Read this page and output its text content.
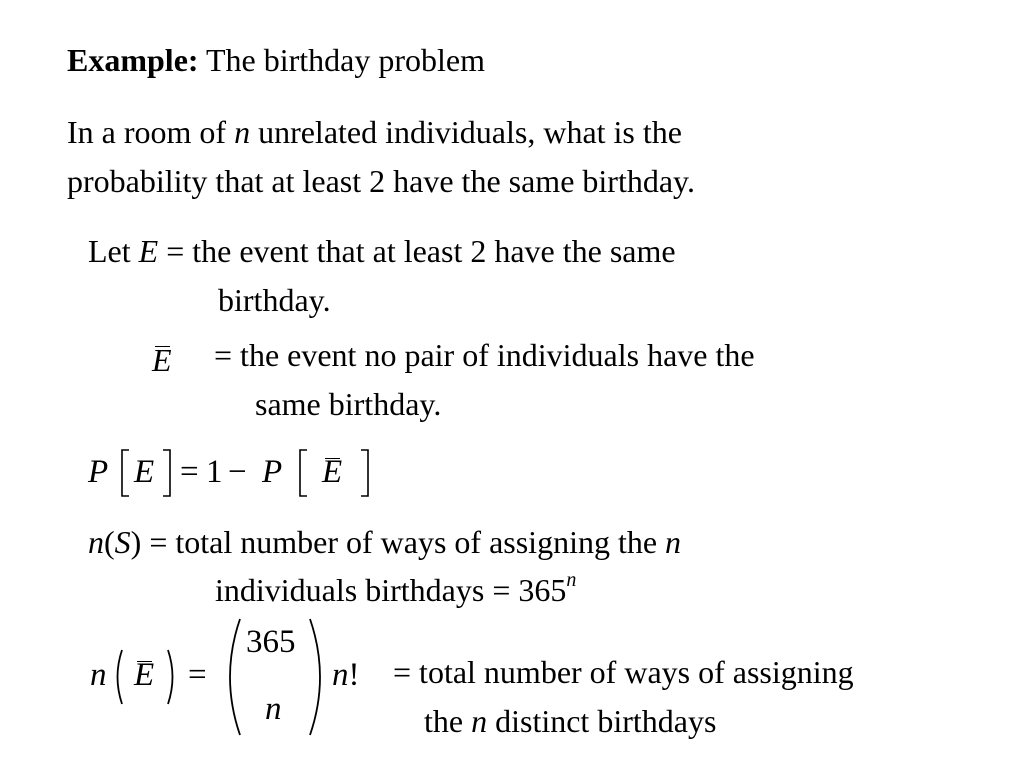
Example: The birthday problem
In a room of n unrelated individuals, what is the
probability that at least 2 have the same birthday.
Let E = the event that at least 2 have the same
birthday.
E = the event no pair of individuals have the
same birthday.
P E = 1 − P E
n(S) = total number of ways of assigning the n
individuals birthdays = $365^n$
n E =
365
n
n! = total number of ways of assigning
the n distinct birthdays
